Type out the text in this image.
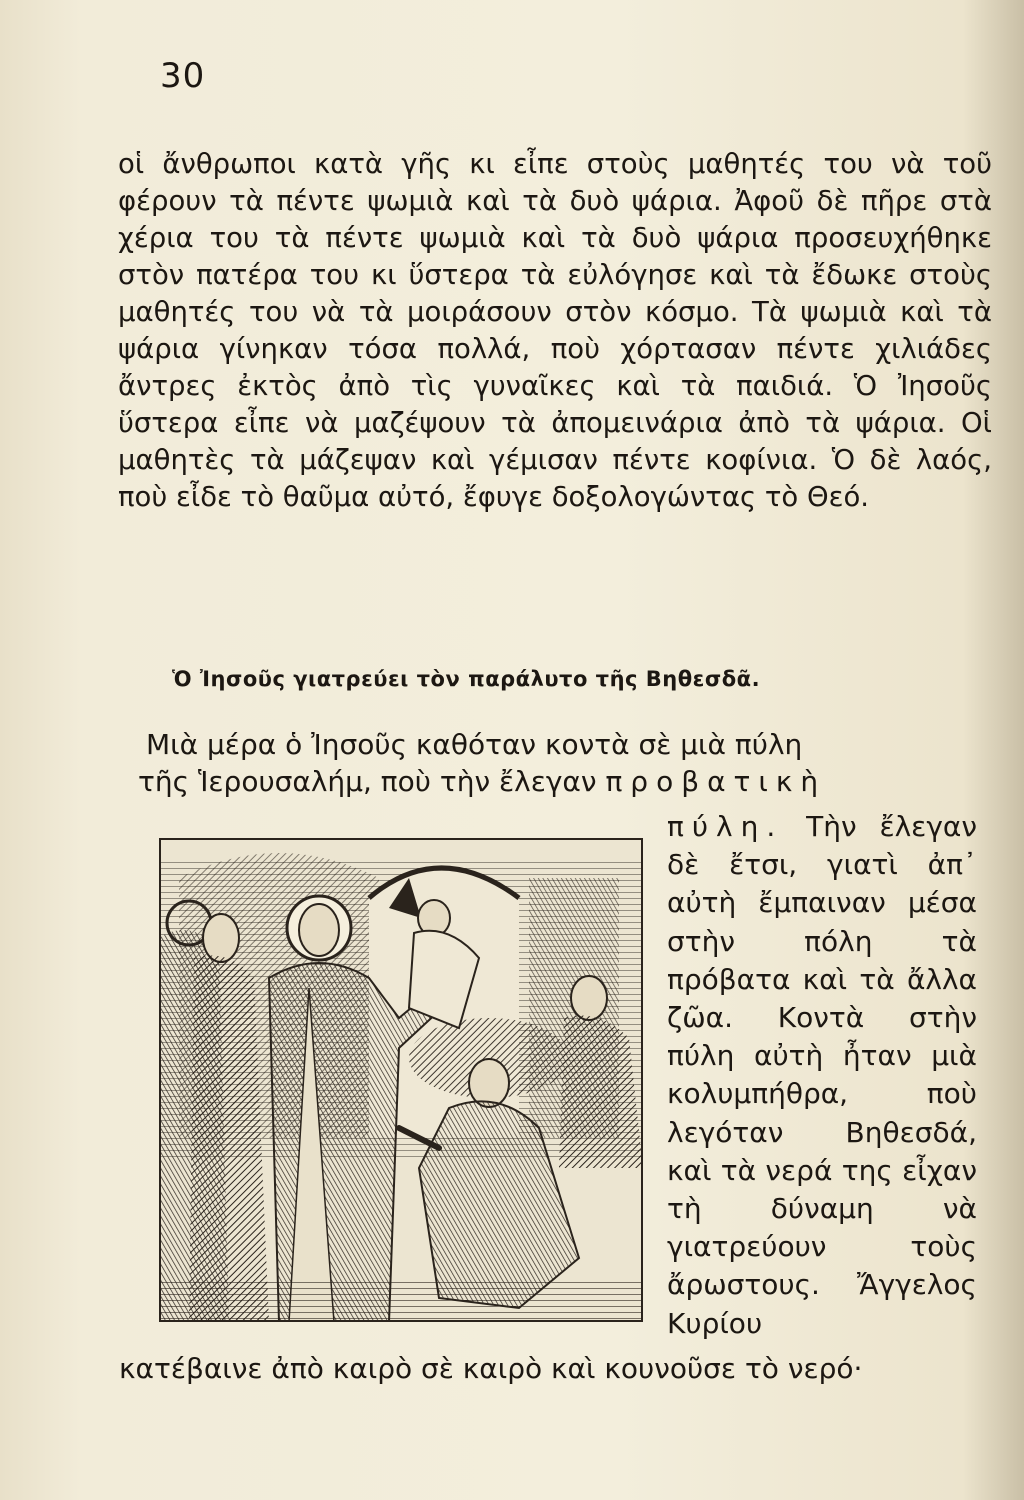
30

οἱ ἄνθρωποι κατὰ γῆς κι εἶπε στοὺς μαθητές του νὰ τοῦ φέρουν τὰ πέντε ψωμιὰ καὶ τὰ δυὸ ψάρια. Ἀφοῦ δὲ πῆρε στὰ χέρια του τὰ πέντε ψωμιὰ καὶ τὰ δυὸ ψάρια προσευχήθηκε στὸν πατέρα του κι ὕστερα τὰ εὐλόγησε καὶ τὰ ἔδωκε στοὺς μαθητές του νὰ τὰ μοιράσουν στὸν κόσμο. Τὰ ψωμιὰ καὶ τὰ ψάρια γίνηκαν τόσα πολλά, ποὺ χόρτασαν πέντε χιλιάδες ἄντρες ἐκτὸς ἀπὸ τὶς γυναῖκες καὶ τὰ παιδιά. Ὁ Ἰησοῦς ὕστερα εἶπε νὰ μαζέψουν τὰ ἀπομεινάρια ἀπὸ τὰ ψάρια. Οἱ μαθητὲς τὰ μάζεψαν καὶ γέμισαν πέντε κοφίνια. Ὁ δὲ λαός, ποὺ εἶδε τὸ θαῦμα αὐτό, ἔφυγε δοξολογώντας τὸ Θεό.

Ὁ Ἰησοῦς γιατρεύει τὸν παράλυτο τῆς Βηθεσδᾶ.

Μιὰ μέρα ὁ Ἰησοῦς καθόταν κοντὰ σὲ μιὰ πύλη
τῆς Ἱερουσαλήμ, ποὺ τὴν ἔλεγαν προβατικὴ

πύλη. Τὴν ἔλεγαν δὲ ἔτσι, γιατὶ ἀπ᾽ αὐτὴ ἔμπαιναν μέσα στὴν πόλη τὰ πρόβατα καὶ τὰ ἄλλα ζῶα. Κοντὰ στὴν πύλη αὐτὴ ἦταν μιὰ κολυμπήθρα, ποὺ λεγόταν Βηθεσδά, καὶ τὰ νερά της εἶχαν τὴ δύναμη νὰ γιατρεύουν τοὺς ἄρωστους. Ἄγγελος Κυρίου

κατέβαινε ἀπὸ καιρὸ σὲ καιρὸ καὶ κουνοῦσε τὸ νερό·
